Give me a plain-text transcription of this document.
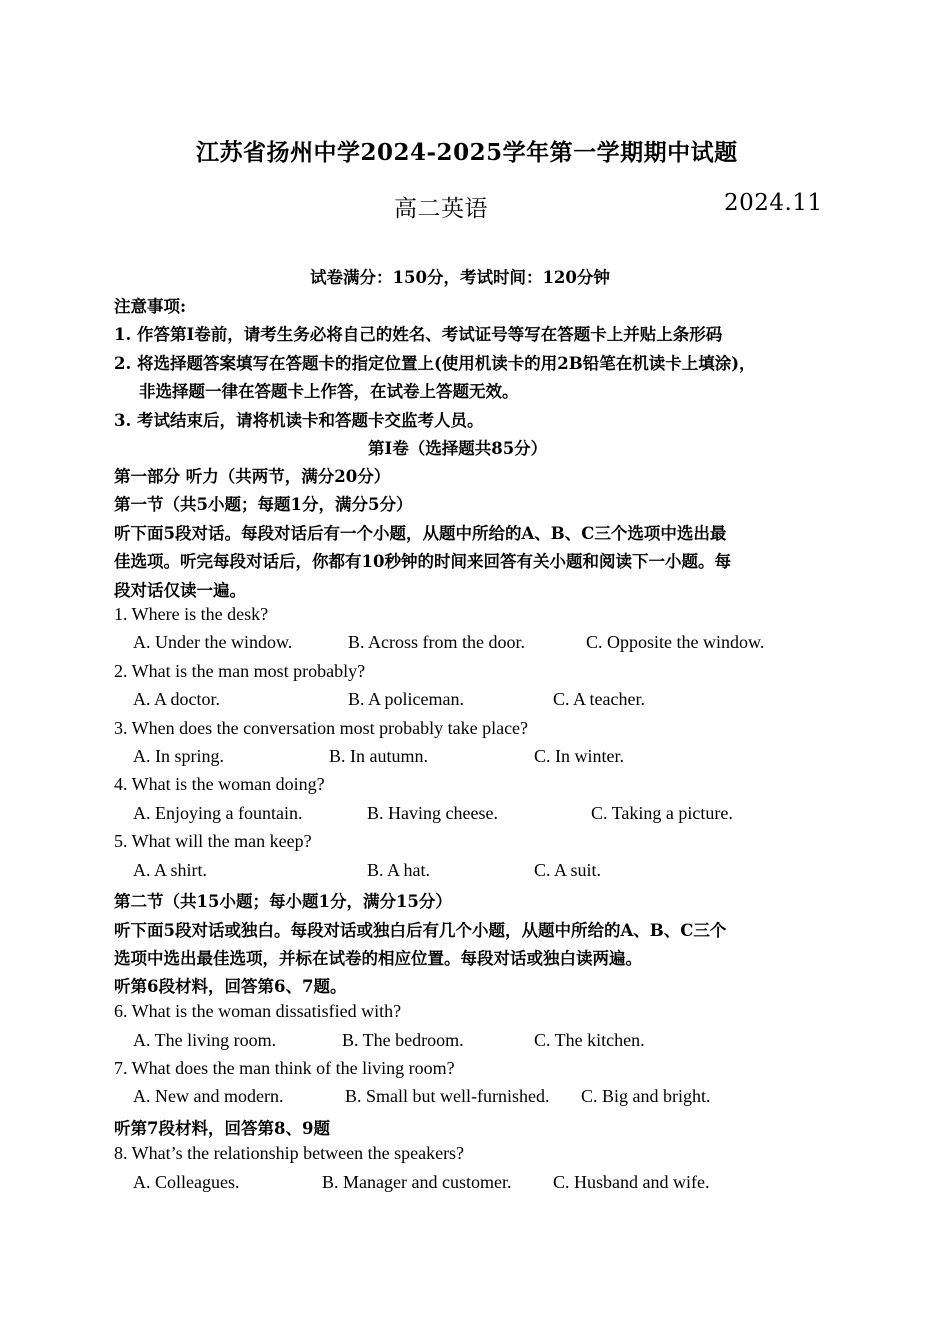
江苏省扬州中学2024-2025学年第一学期期中试题
高二英语	2024.11
试卷满分：150分，考试时间：120分钟
注意事项:
1. 作答第Ⅰ卷前，请考生务必将自己的姓名、考试证号等写在答题卡上并贴上条形码
2. 将选择题答案填写在答题卡的指定位置上(使用机读卡的用2B铅笔在机读卡上填涂)，
非选择题一律在答题卡上作答，在试卷上答题无效。
3. 考试结束后，请将机读卡和答题卡交监考人员。
第Ⅰ卷（选择题共85分）
第一部分 听力（共两节，满分20分）
第一节（共5小题；每题1分，满分5分）
听下面5段对话。每段对话后有一个小题，从题中所给的A、B、C三个选项中选出最
佳选项。听完每段对话后，你都有10秒钟的时间来回答有关小题和阅读下一小题。每
段对话仅读一遍。
1. Where is the desk?
A. Under the window.	B. Across from the door.	C. Opposite the window.
2. What is the man most probably?
A. A doctor.	B. A policeman.	C. A teacher.
3. When does the conversation most probably take place?
A. In spring.	B. In autumn.	C. In winter.
4. What is the woman doing?
A. Enjoying a fountain.	B. Having cheese.	C. Taking a picture.
5. What will the man keep?
A. A shirt.	B. A hat.	C. A suit.
第二节（共15小题；每小题1分，满分15分）
听下面5段对话或独白。每段对话或独白后有几个小题，从题中所给的A、B、C三个
选项中选出最佳选项，并标在试卷的相应位置。每段对话或独白读两遍。
听第6段材料，回答第6、7题。
6. What is the woman dissatisfied with?
A. The living room.	B. The bedroom.	C. The kitchen.
7. What does the man think of the living room?
A. New and modern.	B. Small but well-furnished. C. Big and bright.
听第7段材料，回答第8、9题
8. What’s the relationship between the speakers?
A. Colleagues.	B. Manager and customer. C. Husband and wife.
